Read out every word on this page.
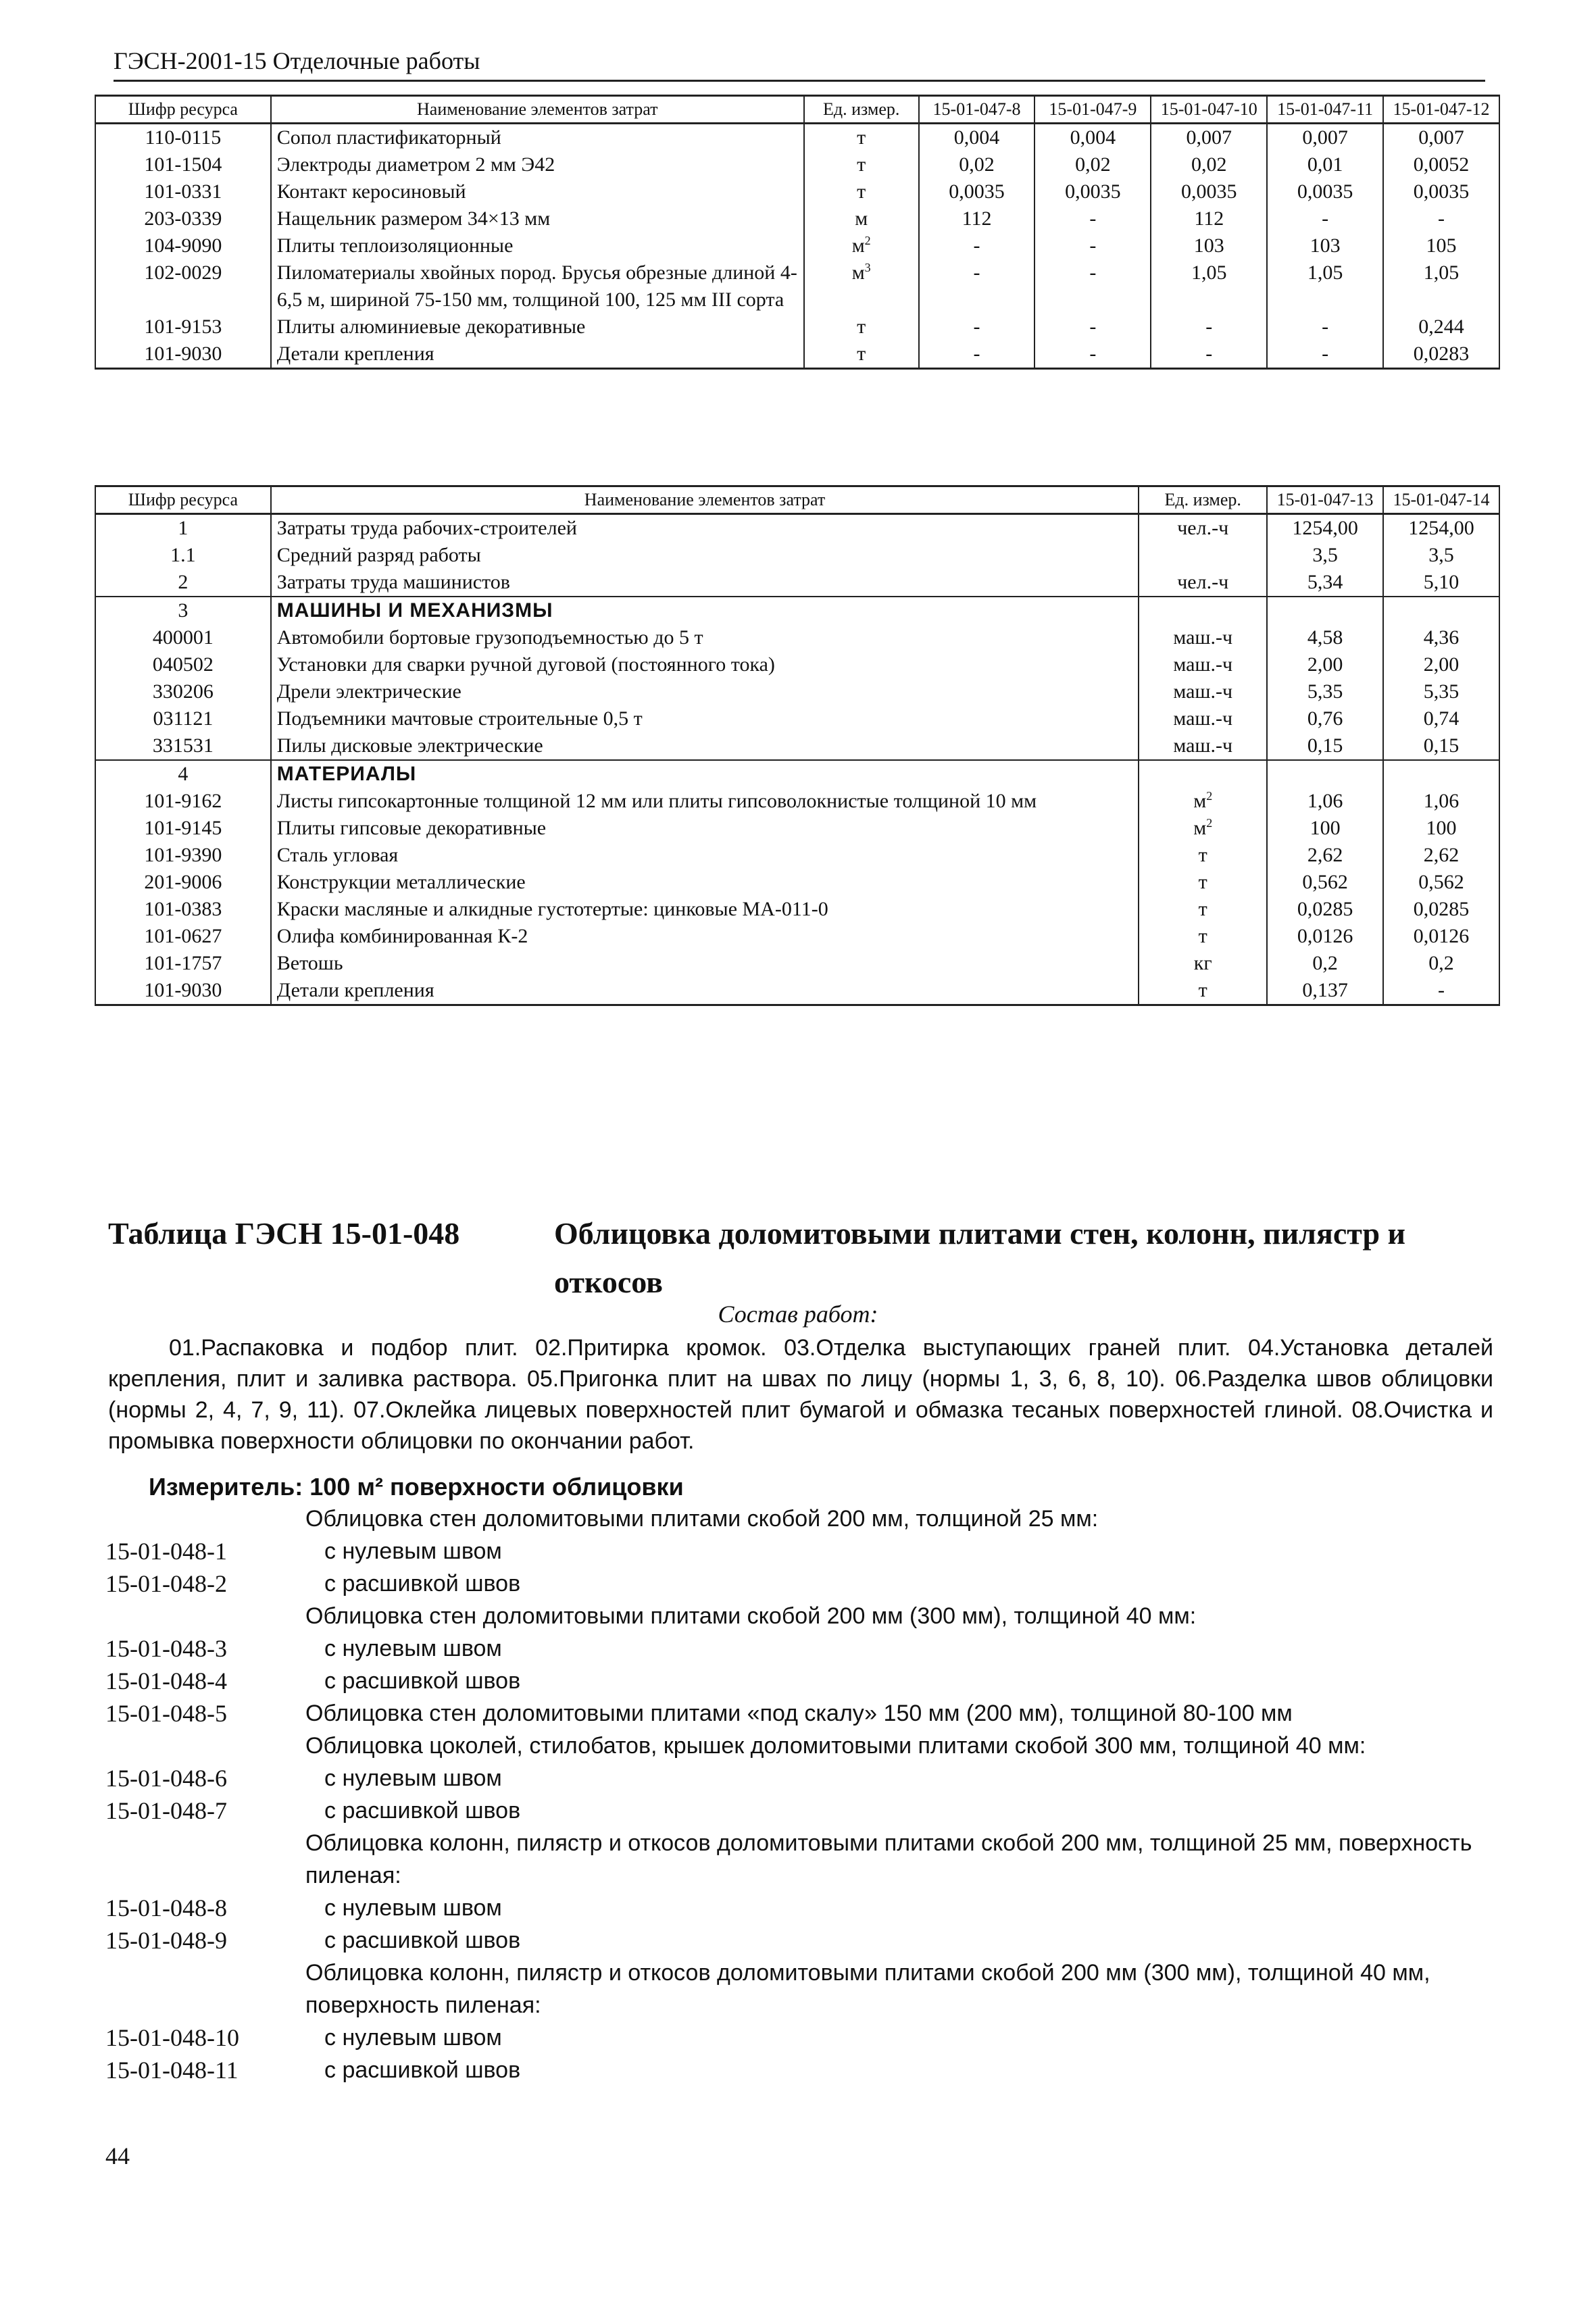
ГЭСН-2001-15 Отделочные работы
Шифр ресурса	Наименование элементов затрат	Ед. измер.	15-01-047-8	15-01-047-9	15-01-047-10	15-01-047-11	15-01-047-12
110-0115	Сопол пластификаторный	т	0,004	0,004	0,007	0,007	0,007
101-1504	Электроды диаметром 2 мм Э42	т	0,02	0,02	0,02	0,01	0,0052
101-0331	Контакт керосиновый	т	0,0035	0,0035	0,0035	0,0035	0,0035
203-0339	Нащельник размером 34×13 мм	м	112	-	112	-	-
104-9090	Плиты теплоизоляционные	$м^2$	-	-	103	103	105
102-0029	Пиломатериалы хвойных пород. Брусья обрезные длиной 4-6,5 м, шириной 75-150 мм, толщиной 100, 125 мм III сорта	$м^3$	-	-	1,05	1,05	1,05
101-9153	Плиты алюминиевые декоративные	т	-	-	-	-	0,244
101-9030	Детали крепления	т	-	-	-	-	0,0283
Шифр ресурса	Наименование элементов затрат	Ед. измер.	15-01-047-13	15-01-047-14
1	Затраты труда рабочих-строителей	чел.-ч	1254,00	1254,00
1.1	Средний разряд работы		3,5	3,5
2	Затраты труда машинистов	чел.-ч	5,34	5,10
3	МАШИНЫ И МЕХАНИЗМЫ			
400001	Автомобили бортовые грузоподъемностью до 5 т	маш.-ч	4,58	4,36
040502	Установки для сварки ручной дуговой (постоянного тока)	маш.-ч	2,00	2,00
330206	Дрели электрические	маш.-ч	5,35	5,35
031121	Подъемники мачтовые строительные 0,5 т	маш.-ч	0,76	0,74
331531	Пилы дисковые электрические	маш.-ч	0,15	0,15
4	МАТЕРИАЛЫ			
101-9162	Листы гипсокартонные толщиной 12 мм или плиты гипсоволокнистые толщиной 10 мм	$м^2$	1,06	1,06
101-9145	Плиты гипсовые декоративные	$м^2$	100	100
101-9390	Сталь угловая	т	2,62	2,62
201-9006	Конструкции металлические	т	0,562	0,562
101-0383	Краски масляные и алкидные густотертые: цинковые МА-011-0	т	0,0285	0,0285
101-0627	Олифа комбинированная К-2	т	0,0126	0,0126
101-1757	Ветошь	кг	0,2	0,2
101-9030	Детали крепления	т	0,137	-
Таблица ГЭСН 15-01-048	Облицовка доломитовыми плитами стен, колонн, пилястр и откосов
Состав работ:
01.Распаковка и подбор плит. 02.Притирка кромок. 03.Отделка выступающих граней плит. 04.Установка деталей крепления, плит и заливка раствора. 05.Пригонка плит на швах по лицу (нормы 1, 3, 6, 8, 10). 06.Разделка швов облицовки (нормы 2, 4, 7, 9, 11). 07.Оклейка лицевых поверхностей плит бумагой и обмазка тесаных поверхностей глиной. 08.Очистка и промывка поверхности облицовки по окончании работ.
Измеритель: 100 м² поверхности облицовки
Облицовка стен доломитовыми плитами скобой 200 мм, толщиной 25 мм:
15-01-048-1	с нулевым швом
15-01-048-2	с расшивкой швов
Облицовка стен доломитовыми плитами скобой 200 мм (300 мм), толщиной 40 мм:
15-01-048-3	с нулевым швом
15-01-048-4	с расшивкой швов
15-01-048-5	Облицовка стен доломитовыми плитами «под скалу» 150 мм (200 мм), толщиной 80-100 мм
Облицовка цоколей, стилобатов, крышек доломитовыми плитами скобой 300 мм, толщиной 40 мм:
15-01-048-6	с нулевым швом
15-01-048-7	с расшивкой швов
Облицовка колонн, пилястр и откосов доломитовыми плитами скобой 200 мм, толщиной 25 мм, поверхность пиленая:
15-01-048-8	с нулевым швом
15-01-048-9	с расшивкой швов
Облицовка колонн, пилястр и откосов доломитовыми плитами скобой 200 мм (300 мм), толщиной 40 мм, поверхность пиленая:
15-01-048-10	с нулевым швом
15-01-048-11	с расшивкой швов
44
